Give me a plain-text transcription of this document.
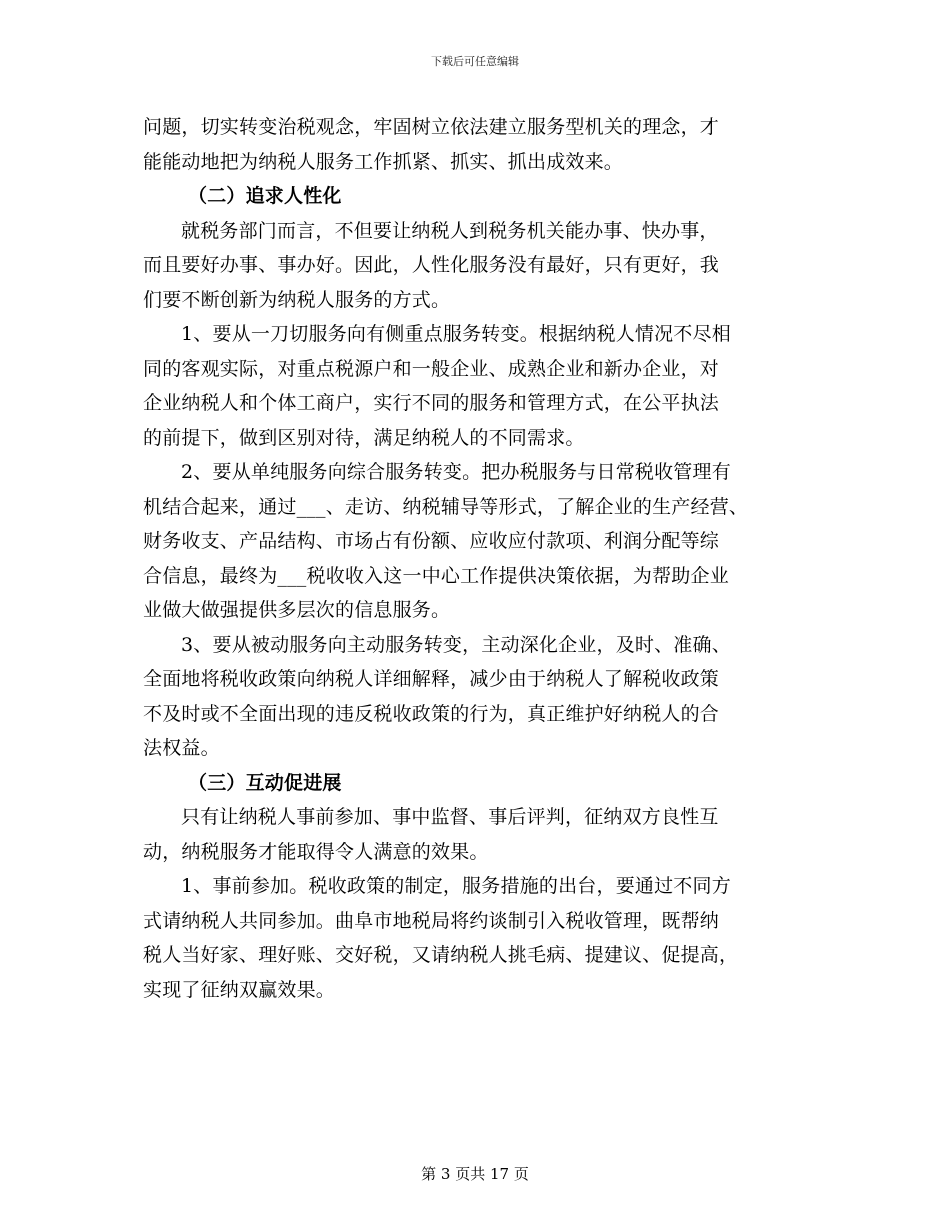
下载后可任意编辑
问题，切实转变治税观念，牢固树立依法建立服务型机关的理念，才
能能动地把为纳税人服务工作抓紧、抓实、抓出成效来。
（二）追求人性化
就税务部门而言，不但要让纳税人到税务机关能办事、快办事，
而且要好办事、事办好。因此，人性化服务没有最好，只有更好，我
们要不断创新为纳税人服务的方式。
1、要从一刀切服务向有侧重点服务转变。根据纳税人情况不尽相
同的客观实际，对重点税源户和一般企业、成熟企业和新办企业，对
企业纳税人和个体工商户，实行不同的服务和管理方式，在公平执法
的前提下，做到区别对待，满足纳税人的不同需求。
2、要从单纯服务向综合服务转变。把办税服务与日常税收管理有
机结合起来，通过___、走访、纳税辅导等形式，了解企业的生产经营、
财务收支、产品结构、市场占有份额、应收应付款项、利润分配等综
合信息，最终为___税收收入这一中心工作提供决策依据，为帮助企业
业做大做强提供多层次的信息服务。
3、要从被动服务向主动服务转变，主动深化企业，及时、准确、
全面地将税收政策向纳税人详细解释，减少由于纳税人了解税收政策
不及时或不全面出现的违反税收政策的行为，真正维护好纳税人的合
法权益。
（三）互动促进展
只有让纳税人事前参加、事中监督、事后评判，征纳双方良性互
动，纳税服务才能取得令人满意的效果。
1、事前参加。税收政策的制定，服务措施的出台，要通过不同方
式请纳税人共同参加。曲阜市地税局将约谈制引入税收管理，既帮纳
税人当好家、理好账、交好税，又请纳税人挑毛病、提建议、促提高，
实现了征纳双赢效果。
第 3 页共 17 页
